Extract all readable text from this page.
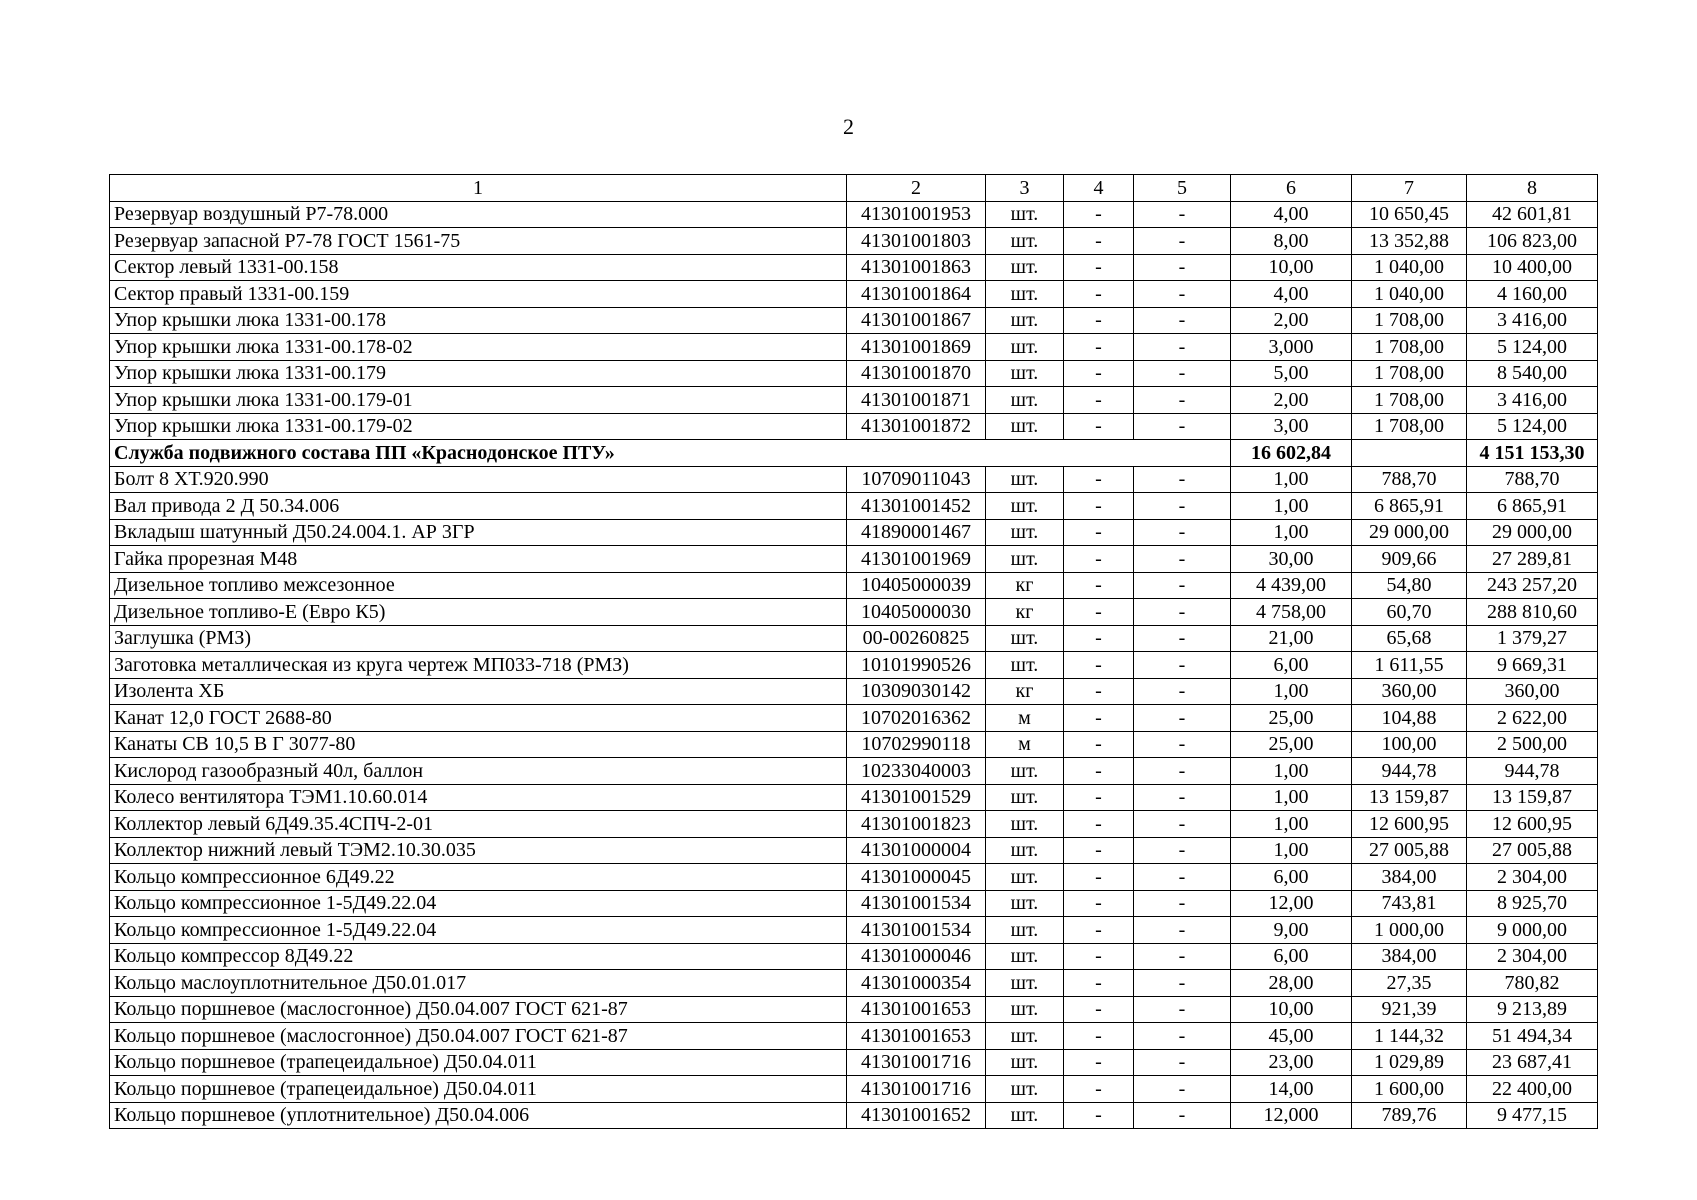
2
1	2	3	4	5	6	7	8
Резервуар воздушный Р7-78.000	41301001953	шт.	-	-	4,00	10 650,45	42 601,81
Резервуар запасной Р7-78 ГОСТ 1561-75	41301001803	шт.	-	-	8,00	13 352,88	106 823,00
Сектор левый 1331-00.158	41301001863	шт.	-	-	10,00	1 040,00	10 400,00
Сектор правый 1331-00.159	41301001864	шт.	-	-	4,00	1 040,00	4 160,00
Упор крышки люка 1331-00.178	41301001867	шт.	-	-	2,00	1 708,00	3 416,00
Упор крышки люка 1331-00.178-02	41301001869	шт.	-	-	3,000	1 708,00	5 124,00
Упор крышки люка 1331-00.179	41301001870	шт.	-	-	5,00	1 708,00	8 540,00
Упор крышки люка 1331-00.179-01	41301001871	шт.	-	-	2,00	1 708,00	3 416,00
Упор крышки люка 1331-00.179-02	41301001872	шт.	-	-	3,00	1 708,00	5 124,00
Служба подвижного состава ПП «Краснодонское ПТУ»					16 602,84		4 151 153,30
Болт 8 ХТ.920.990	10709011043	шт.	-	-	1,00	788,70	788,70
Вал привода 2 Д 50.34.006	41301001452	шт.	-	-	1,00	6 865,91	6 865,91
Вкладыш шатунный Д50.24.004.1. АР 3ГР	41890001467	шт.	-	-	1,00	29 000,00	29 000,00
Гайка прорезная М48	41301001969	шт.	-	-	30,00	909,66	27 289,81
Дизельное топливо межсезонное	10405000039	кг	-	-	4 439,00	54,80	243 257,20
Дизельное топливо-Е (Евро К5)	10405000030	кг	-	-	4 758,00	60,70	288 810,60
Заглушка (РМЗ)	00-00260825	шт.	-	-	21,00	65,68	1 379,27
Заготовка металлическая из круга чертеж МП033-718 (РМЗ)	10101990526	шт.	-	-	6,00	1 611,55	9 669,31
Изолента ХБ	10309030142	кг	-	-	1,00	360,00	360,00
Канат 12,0 ГОСТ 2688-80	10702016362	м	-	-	25,00	104,88	2 622,00
Канаты СВ 10,5 В Г 3077-80	10702990118	м	-	-	25,00	100,00	2 500,00
Кислород газообразный 40л, баллон	10233040003	шт.	-	-	1,00	944,78	944,78
Колесо вентилятора ТЭМ1.10.60.014	41301001529	шт.	-	-	1,00	13 159,87	13 159,87
Коллектор левый 6Д49.35.4СПЧ-2-01	41301001823	шт.	-	-	1,00	12 600,95	12 600,95
Коллектор нижний левый ТЭМ2.10.30.035	41301000004	шт.	-	-	1,00	27 005,88	27 005,88
Кольцо компрессионное 6Д49.22	41301000045	шт.	-	-	6,00	384,00	2 304,00
Кольцо компрессионное 1-5Д49.22.04	41301001534	шт.	-	-	12,00	743,81	8 925,70
Кольцо компрессионное 1-5Д49.22.04	41301001534	шт.	-	-	9,00	1 000,00	9 000,00
Кольцо компрессор 8Д49.22	41301000046	шт.	-	-	6,00	384,00	2 304,00
Кольцо маслоуплотнительное Д50.01.017	41301000354	шт.	-	-	28,00	27,35	780,82
Кольцо поршневое (маслосгонное) Д50.04.007 ГОСТ 621-87	41301001653	шт.	-	-	10,00	921,39	9 213,89
Кольцо поршневое (маслосгонное) Д50.04.007 ГОСТ 621-87	41301001653	шт.	-	-	45,00	1 144,32	51 494,34
Кольцо поршневое (трапецеидальное) Д50.04.011	41301001716	шт.	-	-	23,00	1 029,89	23 687,41
Кольцо поршневое (трапецеидальное) Д50.04.011	41301001716	шт.	-	-	14,00	1 600,00	22 400,00
Кольцо поршневое (уплотнительное) Д50.04.006	41301001652	шт.	-	-	12,000	789,76	9 477,15
